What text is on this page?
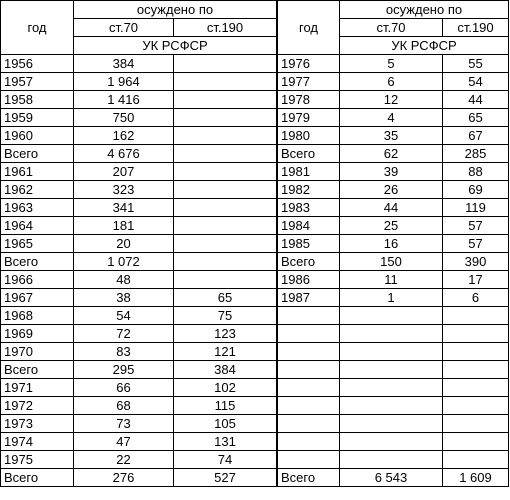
год	осуждено по		год	осуждено по	
	ст.70	ст.190		ст.70	ст.190
	УК РСФСР			УК РСФСР	
1956	384			1976	5	55
1957	1 964			1977	6	54
1958	1 416			1978	12	44
1959	750			1979	4	65
1960	162			1980	35	67
Всего	4 676			Всего	62	285
1961	207			1981	39	88
1962	323			1982	26	69
1963	341			1983	44	119
1964	181			1984	25	57
1965	20			1985	16	57
Всего	1 072			Всего	150	390
1966	48			1986	11	17
1967	38	65		1987	1	6
1968	54	75				
1969	72	123				
1970	83	121				
Всего	295	384				
1971	66	102				
1972	68	115				
1973	73	105				
1974	47	131				
1975	22	74				
Всего	276	527		Всего	6 543	1 609
